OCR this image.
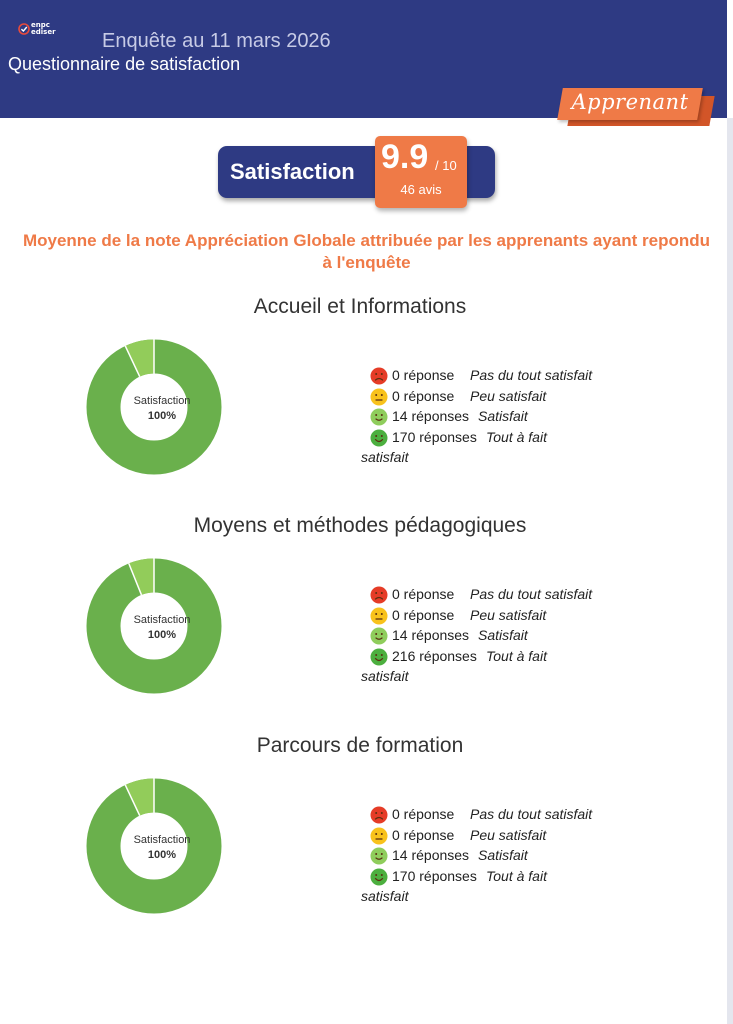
enpc
ediser	Enquête au 11 mars 2026
Questionnaire de satisfaction
Apprenant
Satisfaction 9.9 / 10
46 avis
Moyenne de la note Appréciation Globale attribuée par les apprenants ayant repondu à l'enquête
Accueil et Informations
Satisfaction
100%
0 réponse Pas du tout satisfait
0 réponse Peu satisfait
14 réponses Satisfait
170 réponses Tout à fait
satisfait
Moyens et méthodes pédagogiques
Satisfaction
100%
0 réponse Pas du tout satisfait
0 réponse Peu satisfait
14 réponses Satisfait
216 réponses Tout à fait
satisfait
Parcours de formation
Satisfaction
100%
0 réponse Pas du tout satisfait
0 réponse Peu satisfait
14 réponses Satisfait
170 réponses Tout à fait
satisfait
